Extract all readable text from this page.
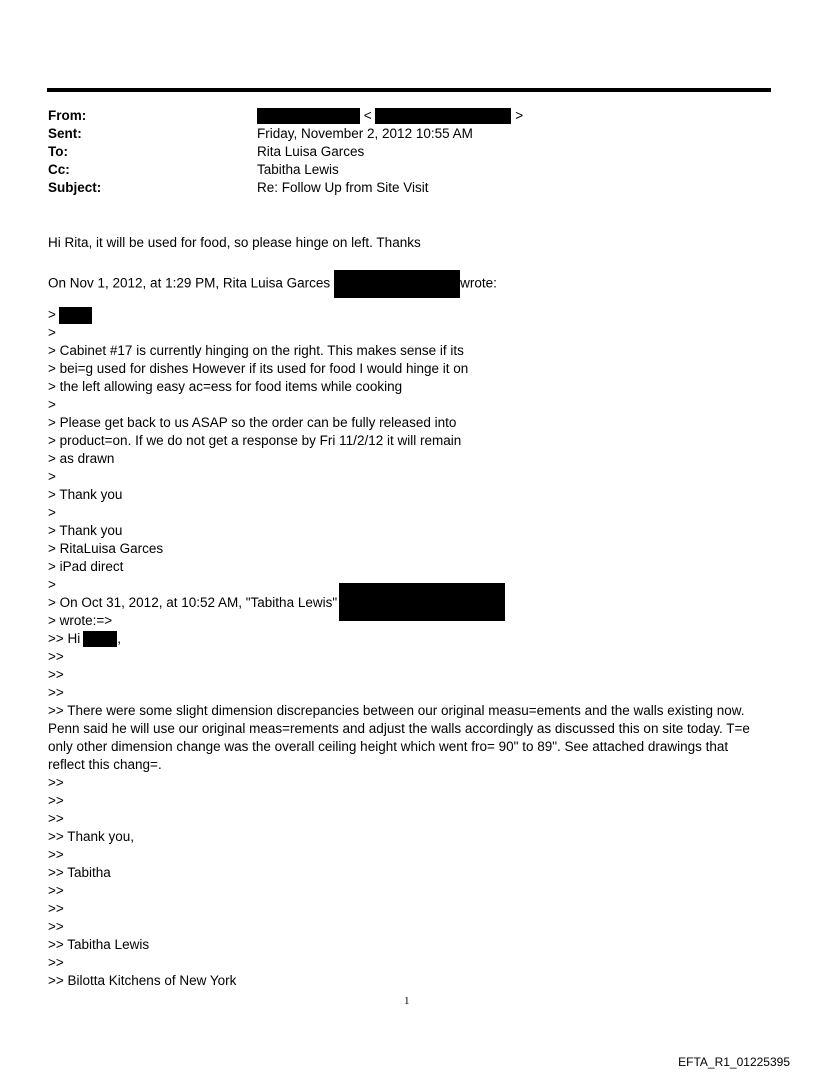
From:	<	>
Sent:	Friday, November 2, 2012 10:55 AM
To:	Rita Luisa Garces
Cc:	Tabitha Lewis
Subject:	Re: Follow Up from Site Visit
Hi Rita, it will be used for food, so please hinge on left. Thanks
On Nov 1, 2012, at 1:29 PM, Rita Luisa Garces	wrote:
>
>
> Cabinet #17 is currently hinging on the right. This makes sense if its
> bei=g used for dishes However if its used for food I would hinge it on
> the left allowing easy ac=ess for food items while cooking
>
> Please get back to us ASAP so the order can be fully released into
> product=on. If we do not get a response by Fri 11/2/12 it will remain
> as drawn
>
> Thank you
>
> Thank you
> RitaLuisa Garces
> iPad direct
>
> On Oct 31, 2012, at 10:52 AM, "Tabitha Lewis"
> wrote:=>
>> Hi	,
>>
>>
>>
>> There were some slight dimension discrepancies between our original measu=ements and the walls existing now. Penn said he will use our original meas=rements and adjust the walls accordingly as discussed this on site today. T=e only other dimension change was the overall ceiling height which went fro= 90" to 89". See attached drawings that reflect this chang=.
>>
>>
>>
>> Thank you,
>>
>> Tabitha
>>
>>
>>
>> Tabitha Lewis
>>
>> Bilotta Kitchens of New York
1
EFTA_R1_01225395
